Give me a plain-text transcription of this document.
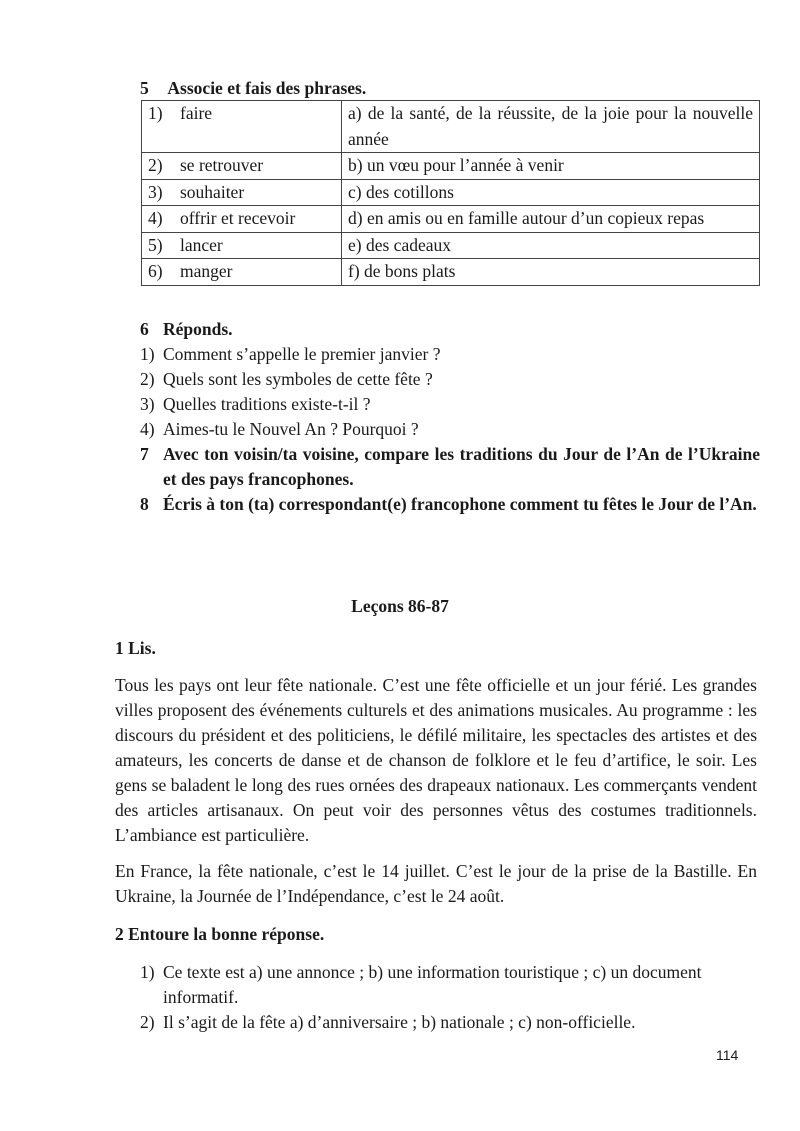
5 Associe et fais des phrases.
1) faire	a) de la santé, de la réussite, de la joie pour la nouvelle année
2) se retrouver	b) un vœu pour l’année à venir
3) souhaiter	c) des cotillons
4) offrir et recevoir	d) en amis ou en famille autour d’un copieux repas
5) lancer	e) des cadeaux
6) manger	f) de bons plats
6 Réponds.
1) Comment s’appelle le premier janvier ?
2) Quels sont les symboles de cette fête ?
3) Quelles traditions existe-t-il ?
4) Aimes-tu le Nouvel An ? Pourquoi ?
7 Avec ton voisin/ta voisine, compare les traditions du Jour de l’An de l’Ukraine et des pays francophones.
8 Écris à ton (ta) correspondant(e) francophone comment tu fêtes le Jour de l’An.
Leçons 86-87
1 Lis.
Tous les pays ont leur fête nationale. C’est une fête officielle et un jour férié. Les grandes villes proposent des événements culturels et des animations musicales. Au programme : les discours du président et des politiciens, le défilé militaire, les spectacles des artistes et des amateurs, les concerts de danse et de chanson de folklore et le feu d’artifice, le soir. Les gens se baladent le long des rues ornées des drapeaux nationaux. Les commerçants vendent des articles artisanaux. On peut voir des personnes vêtus des costumes traditionnels. L’ambiance est particulière.
En France, la fête nationale, c’est le 14 juillet. C’est le jour de la prise de la Bastille. En Ukraine, la Journée de l’Indépendance, c’est le 24 août.
2 Entoure la bonne réponse.
1) Ce texte est a) une annonce ; b) une information touristique ; c) un document informatif.
2) Il s’agit de la fête a) d’anniversaire ; b) nationale ; c) non-officielle.
114
